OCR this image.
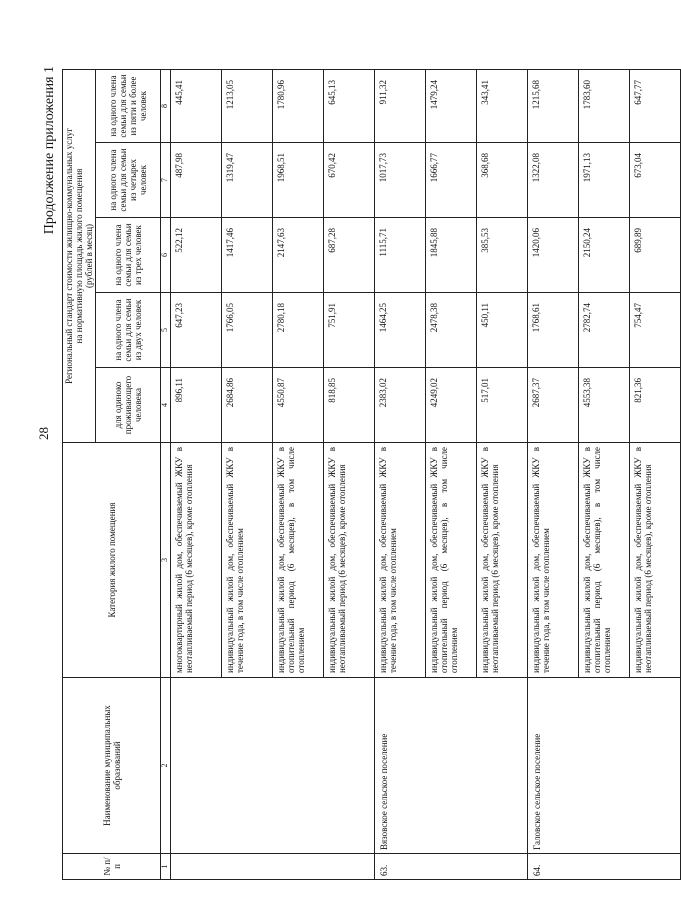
28
Продолжение приложения 1
№ п/п	Наименование муниципальных образований	Категория жилого помещения	Региональный стандарт стоимости жилищно-коммунальных услуг на нормативную площадь жилого помещения (рублей в месяц)				

			для одиноко проживающего человека	на одного члена семьи для семьи из двух человек	на одного члена семьи для семьи из трех человек	на одного члена семьи для семьи из четырех человек	на одного члена семьи для семьи из пяти и более человек
1	2	3	4	5	6	7	8
		многоквартирный жилой дом, обеспечиваемый ЖКУ в неотапливаемый период (6 месяцев), кроме отопления	896,11	647,23	522,12	487,98	445,41
		индивидуальный жилой дом, обеспечиваемый ЖКУ в течение года, в том числе отоплением	2684,86	1766,05	1417,46	1319,47	1213,05
		индивидуальный жилой дом, обеспечиваемый ЖКУ в отопительный период (6 месяцев), в том числе отоплением	4550,87	2780,18	2147,63	1968,51	1780,96
		индивидуальный жилой дом, обеспечиваемый ЖКУ в неотапливаемый период (6 месяцев), кроме отопления	818,85	751,91	687,28	670,42	645,13
63.	Вязовское сельское поселение	индивидуальный жилой дом, обеспечиваемый ЖКУ в течение года, в том числе отоплением	2383,02	1464,25	1115,71	1017,73	911,32
		индивидуальный жилой дом, обеспечиваемый ЖКУ в отопительный период (6 месяцев), в том числе отоплением	4249,02	2478,38	1845,88	1666,77	1479,24
		индивидуальный жилой дом, обеспечиваемый ЖКУ в неотапливаемый период (6 месяцев), кроме отопления	517,01	450,11	385,53	368,68	343,41
64.	Галовское сельское поселение	индивидуальный жилой дом, обеспечиваемый ЖКУ в течение года, в том числе отоплением	2687,37	1768,61	1420,06	1322,08	1215,68
		индивидуальный жилой дом, обеспечиваемый ЖКУ в отопительный период (6 месяцев), в том числе отоплением	4553,38	2782,74	2150,24	1971,13	1783,60
		индивидуальный жилой дом, обеспечиваемый ЖКУ в неотапливаемый период (6 месяцев), кроме отопления	821,36	754,47	689,89	673,04	647,77
